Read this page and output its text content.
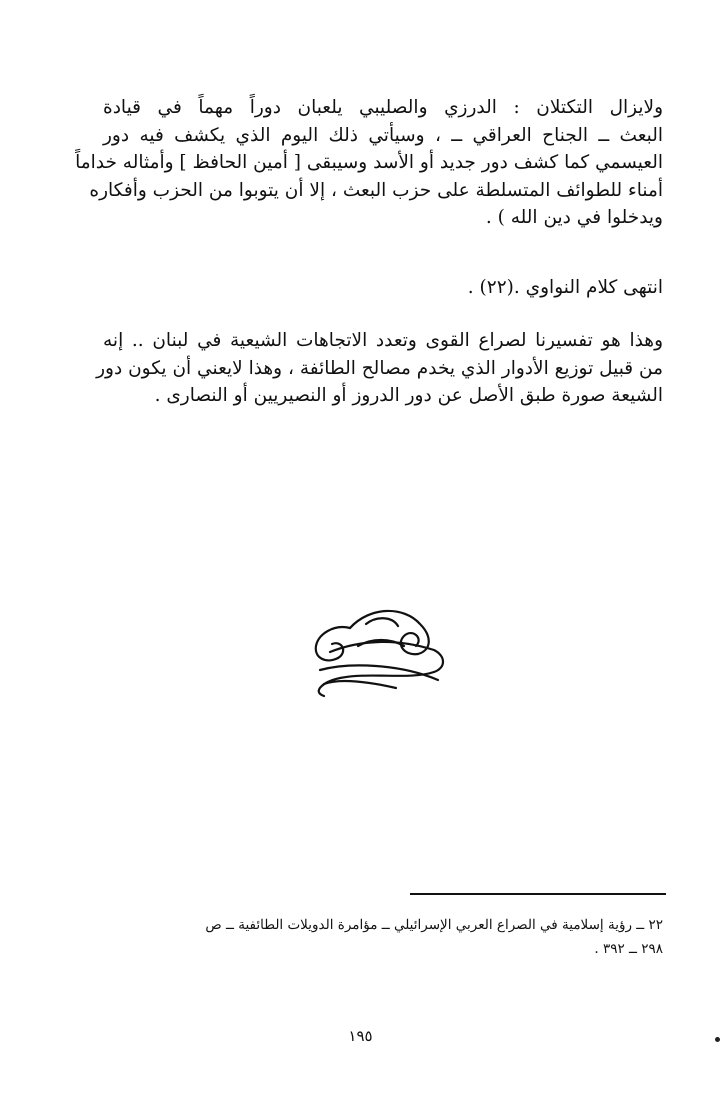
ولايزال التكتلان : الدرزي والصليبي يلعبان دوراً مهماً في قيادة
البعث ــ الجناح العراقي ــ ، وسيأتي ذلك اليوم الذي يكشف فيه دور
العيسمي كما كشف دور جديد أو الأسد وسيبقى [ أمين الحافظ ] وأمثاله خداماً
أمناء للطوائف المتسلطة على حزب البعث ، إلا أن يتوبوا من الحزب وأفكاره
ويدخلوا في دين الله ) .
انتهى كلام النواوي .(٢٢) .
وهذا هو تفسيرنا لصراع القوى وتعدد الاتجاهات الشيعية في لبنان .. إنه
من قبيل توزيع الأدوار الذي يخدم مصالح الطائفة ، وهذا لايعني أن يكون دور
الشيعة صورة طبق الأصل عن دور الدروز أو النصيريين أو النصارى .
٢٢ ــ رؤية إسلامية في الصراع العربي الإسرائيلي ــ مؤامرة الدويلات الطائفية ــ ص
٢٩٨ ــ ٣٩٢ .
١٩٥
